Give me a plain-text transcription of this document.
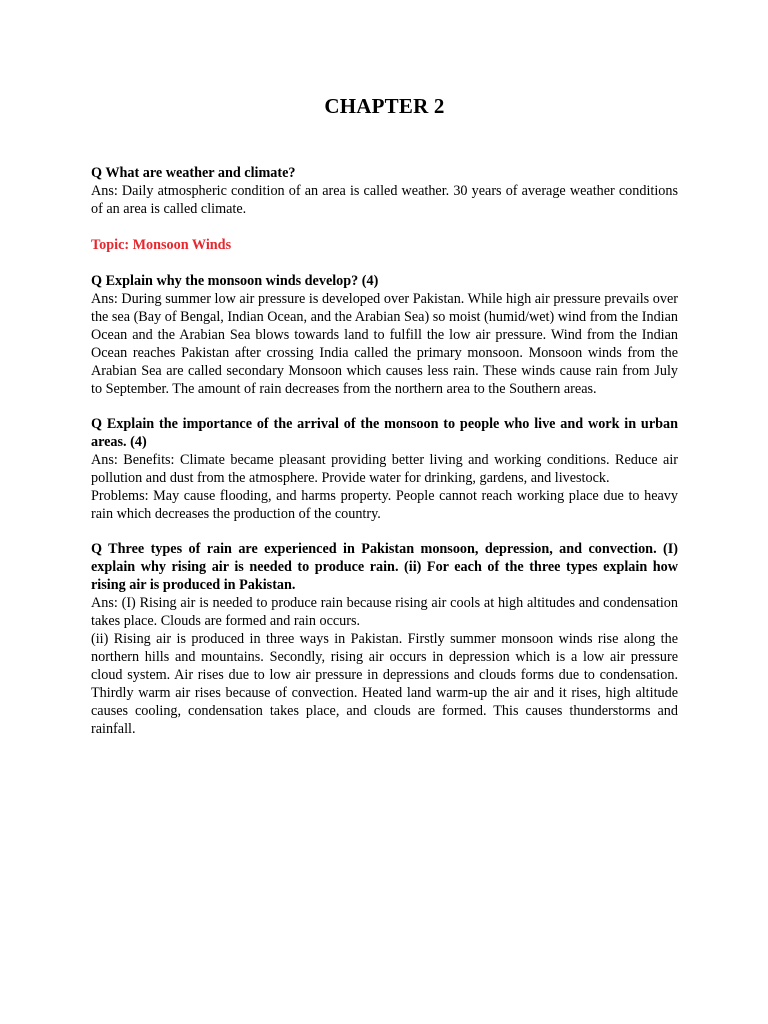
CHAPTER 2

Q What are weather and climate?

Ans: Daily atmospheric condition of an area is called weather. 30 years of average weather conditions of an area is called climate.

Topic: Monsoon Winds

Q Explain why the monsoon winds develop? (4)

Ans: During summer low air pressure is developed over Pakistan. While high air pressure prevails over the sea (Bay of Bengal, Indian Ocean, and the Arabian Sea) so moist (humid/wet) wind from the Indian Ocean and the Arabian Sea blows towards land to fulfill the low air pressure. Wind from the Indian Ocean reaches Pakistan after crossing India called the primary monsoon. Monsoon winds from the Arabian Sea are called secondary Monsoon which causes less rain. These winds cause rain from July to September. The amount of rain decreases from the northern area to the Southern areas.

Q Explain the importance of the arrival of the monsoon to people who live and work in urban areas. (4)

Ans: Benefits: Climate became pleasant providing better living and working conditions. Reduce air pollution and dust from the atmosphere. Provide water for drinking, gardens, and livestock.

Problems: May cause flooding, and harms property. People cannot reach working place due to heavy rain which decreases the production of the country.

Q Three types of rain are experienced in Pakistan monsoon, depression, and convection. (I) explain why rising air is needed to produce rain. (ii) For each of the three types explain how rising air is produced in Pakistan.

Ans: (I) Rising air is needed to produce rain because rising air cools at high altitudes and condensation takes place. Clouds are formed and rain occurs.

(ii) Rising air is produced in three ways in Pakistan. Firstly summer monsoon winds rise along the northern hills and mountains. Secondly, rising air occurs in depression which is a low air pressure cloud system. Air rises due to low air pressure in depressions and clouds forms due to condensation. Thirdly warm air rises because of convection. Heated land warm-up the air and it rises, high altitude causes cooling, condensation takes place, and clouds are formed. This causes thunderstorms and rainfall.
